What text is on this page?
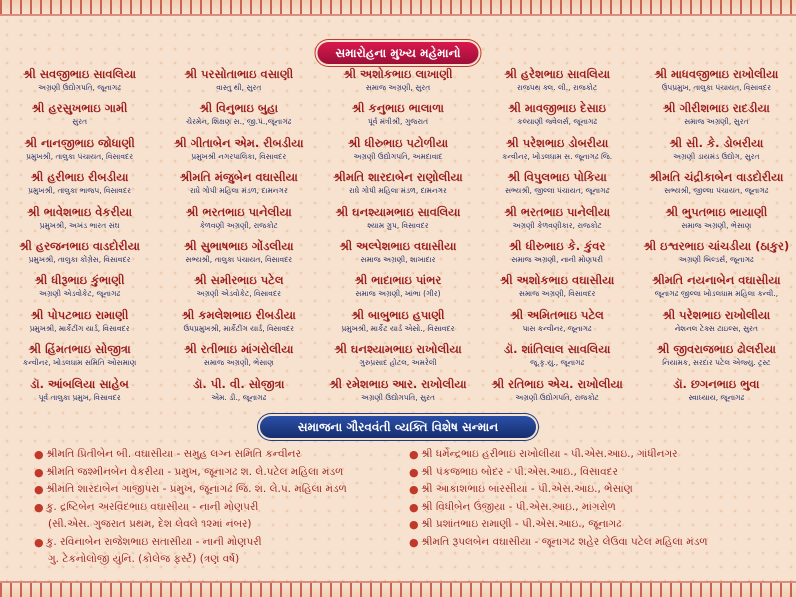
સમારોહના મુખ્ય મહેમાનો
શ્રી સવજીભાઇ સાવલિયા
અગ્રણી ઉદ્યોગપતિ, જૂનાગઢ
શ્રી પરસોતાભાઇ વસાણી
વાસ્તુ થી, સુરત
શ્રી અશોકભાઇ લાખાણી
સમાજ અગ્રણી, સુરત
શ્રી હરેશભાઇ સાવલિયા
રાજપથ ક્લ. લી., રાજકોટ
શ્રી માધવજીભાઇ રાખોલીયા
ઉપપ્રમુખ, તાલુકા પંચાયત, વિસાવદર
શ્રી હરસુખભાઇ ગામી
સુરત
શ્રી વિનુભાઇ બુહા
ચેરમેન, શિક્ષણ સ., જી.પં.,જૂનાગઢ
શ્રી કનુભાઇ ભાલાળા
પૂર્વ મંત્રીશ્રી, ગુજરાત
શ્રી માવજીભાઇ દેસાઇ
કલ્યાણી જ્વેલર્સ, જૂનાગઢ
શ્રી ગીરીશભાઇ રાદડીયા
સમાજ અગ્રણી, સુરત
શ્રી નાનજીભાઇ જોધાણી
પ્રમુખશ્રી, તાલુકા પંચાયત, વિસાવદર
શ્રી ગીતાબેન એમ. રીબડીયા
પ્રમુખશ્રી નગરપાલિકા, વિસાવદર
શ્રી ધીરુભાઇ પટોળીયા
અગ્રણી ઉદ્યોગપતિ, અમદાવાદ
શ્રી પરેશભાઇ ડોબરીયા
કન્વીનર, ખોડલધામ સ. જૂનાગઢ જિ.
શ્રી સી. કે. ડોબરીયા
અગ્રણી ડાયમંડ ઉદ્યોગ, સુરત
શ્રી હરીભાઇ રીબડીયા
પ્રમુખશ્રી, તાલુકા ભાજપ, વિસાવદર
શ્રીમતિ મંજુબેન વઘાસીયા
રાધે ગોપી મહિલા મંડળ, દામનગર
શ્રીમતિ શારદાબેન રાણોલીયા
રાધે ગોપી મહિલા મંડળ, દામનગર
શ્રી વિપુલભાઇ પોકિયા
સભ્યશ્રી, જીલ્લા પંચાયત, જૂનાગઢ
શ્રીમતિ ચંદ્રીકાબેન વાડદોરીયા
સભ્યશ્રી, જીલ્લા પંચાયત, જૂનાગઢ
શ્રી ભાવેશભાઇ વેકરીયા
પ્રમુખશ્રી, અખંડ ભારત સંઘ
શ્રી ભરતભાઇ પાનેલીયા
કેળવણી અગ્રણી, રાજકોટ
શ્રી ઘનશ્યામભાઇ સાવલિયા
શ્યામ ગ્રુપ, વિસાવદર
શ્રી ભરતભાઇ પાનેલીયા
અગ્રણી કેળવણીકાર, રાજકોટ
શ્રી ભુપતભાઇ ભાયાણી
સમાજ અગ્રણી, ભેસાણ
શ્રી હરજનભાઇ વાડદોરીયા
પ્રમુખશ્રી, તાલુકા કોંગ્રેસ, વિસાવદર
શ્રી સુભાષભાઇ ગોંડલીયા
સભ્યશ્રી, તાલુકા પંચાયત, વિસાવદર
શ્રી અલ્પેશભાઇ વઘાસીયા
સમાજ અગ્રણી, શાખાદાર
શ્રી ધીરુભાઇ કે. કુંવર
સમાજ અગ્રણી, નાની મોણપરી
શ્રી ઇશ્વરભાઇ ચાંચડીયા (ઠાકુર)
અગ્રણી બિલ્ડર્સ, જૂનાગઢ
શ્રી ધીરૂભાઇ કુંભાણી
અગ્રણી એડવોકેટ, જૂનાગઢ
શ્રી સમીરભાઇ પટેલ
અગ્રણી એડવોકેટ, વિસાવદર
શ્રી ભાદાભાઇ પાંભર
સમાજ અગ્રણી, ખાંભા (ગીર)
શ્રી અશોકભાઇ વઘાસીયા
સમાજ અગ્રણી, વિસાવદર
શ્રીમતિ નયનાબેન વઘાસીયા
જૂનાગઢ જીલ્લા ખોડલધામ મહિલા કન્વી.,
શ્રી પોપટભાઇ રામાણી
પ્રમુખશ્રી, માર્કેટીંગ યાર્ડ, વિસાવદર
શ્રી કમલેશભાઇ રીબડીયા
ઉપપ્રમુખશ્રી, માર્કેટીંગ યાર્ડ, વિસાવદર
શ્રી બાબુભાઇ હપાણી
પ્રમુખશ્રી, માર્કેટ યાર્ડ એસો., વિસાવદર
શ્રી અમિતભાઇ પટેલ
પાસ કન્વીનર, જૂનાગઢ
શ્રી પરેશભાઇ રાખોલીયા
નેશનલ ટેક્સ ટાઇલ્સ, સુરત
શ્રી હિંમતભાઇ સોજીત્રા
કન્વીનર, ખોડલધામ સમિતિ ઓસમાણ
શ્રી રતીભાઇ માંગરોલીયા
સમાજ અગ્રણી, ભેસાણ
શ્રી ઘનશ્યામભાઇ રાખોલીયા
ગુરુપ્રસાદ હોટલ, અમરેલી
ડૉ. શાંતિલાલ સાવલિયા
જૂ.કૃ.યુ., જૂનાગઢ
શ્રી જીવરાજભાઇ ઢોલરીયા
નિયામક, સરદાર પટેલ એજ્યુ. ટ્રસ્ટ
ડૉ. આંબલિયા સાહેબ
પૂર્વ તાલુકા પ્રમુખ, વિસાવદર
ડૉ. પી. વી. સોજીત્રા
એમ. ડી., જૂનાગઢ
શ્રી રમેશભાઇ આર. રાખોલીયા
અગ્રણી ઉદ્યોગપતિ, સુરત
શ્રી રતિભાઇ એચ. રાખોલીયા
અગ્રણી ઉદ્યોગપતિ, રાજકોટ
ડૉ. છગનભાઇ ભુવા
સ્વાધ્યાય, જૂનાગઢ
સમાજના ગૌરવવંતી વ્યક્તિ વિશેષ સન્માન
● શ્રીમતિ પ્રિતીબેન બી. વઘાસીયા - સમુહ લગ્ન સમિતિ કન્વીનર
● શ્રીમતિ જશ્મીનબેન વેકરીયા - પ્રમુખ, જૂનાગઢ શ. લે.પટેલ મહિલા મંડળ
● શ્રીમતિ શારદાબેન ગાજીપરા - પ્રમુખ, જૂનાગઢ જિ. શ. લે.પ. મહિલા મંડળ
● કુ. દ્રષ્ટિબેન અરવિંદભાઇ વઘાસીયા - નાની મોણપરી
(સી.એસ. ગુજરાત પ્રથમ, દેશ લેવલે ૧૨માં નંબર)
● કુ. રવિનાબેન રાજેશભાઇ સતાસીયા - નાની મોણપરી
ગુ. ટેકનોલોજી યુનિ. (કોલેજ ફર્સ્ટ) (ત્રણ વર્ષ)
● શ્રી ધર્મેન્દ્રભાઇ હરીભાઇ રાખોલીયા - પી.એસ.આઇ., ગાંધીનગર
● શ્રી પંકજભાઇ બોદર - પી.એસ.આઇ., વિસાવદર
● શ્રી આકાશભાઇ બારસીયા - પી.એસ.આઇ., ભેસાણ
● શ્રી વિધીબેન ઉંજીયા - પી.એસ.આઇ., માંગરોળ
● શ્રી પ્રશાંતભાઇ રામાણી - પી.એસ.આઇ., જૂનાગઢ
● શ્રીમતિ રૂપલબેન વઘાસીયા - જૂનાગઢ શહેર લેઉવા પટેલ મહિલા મંડળ
